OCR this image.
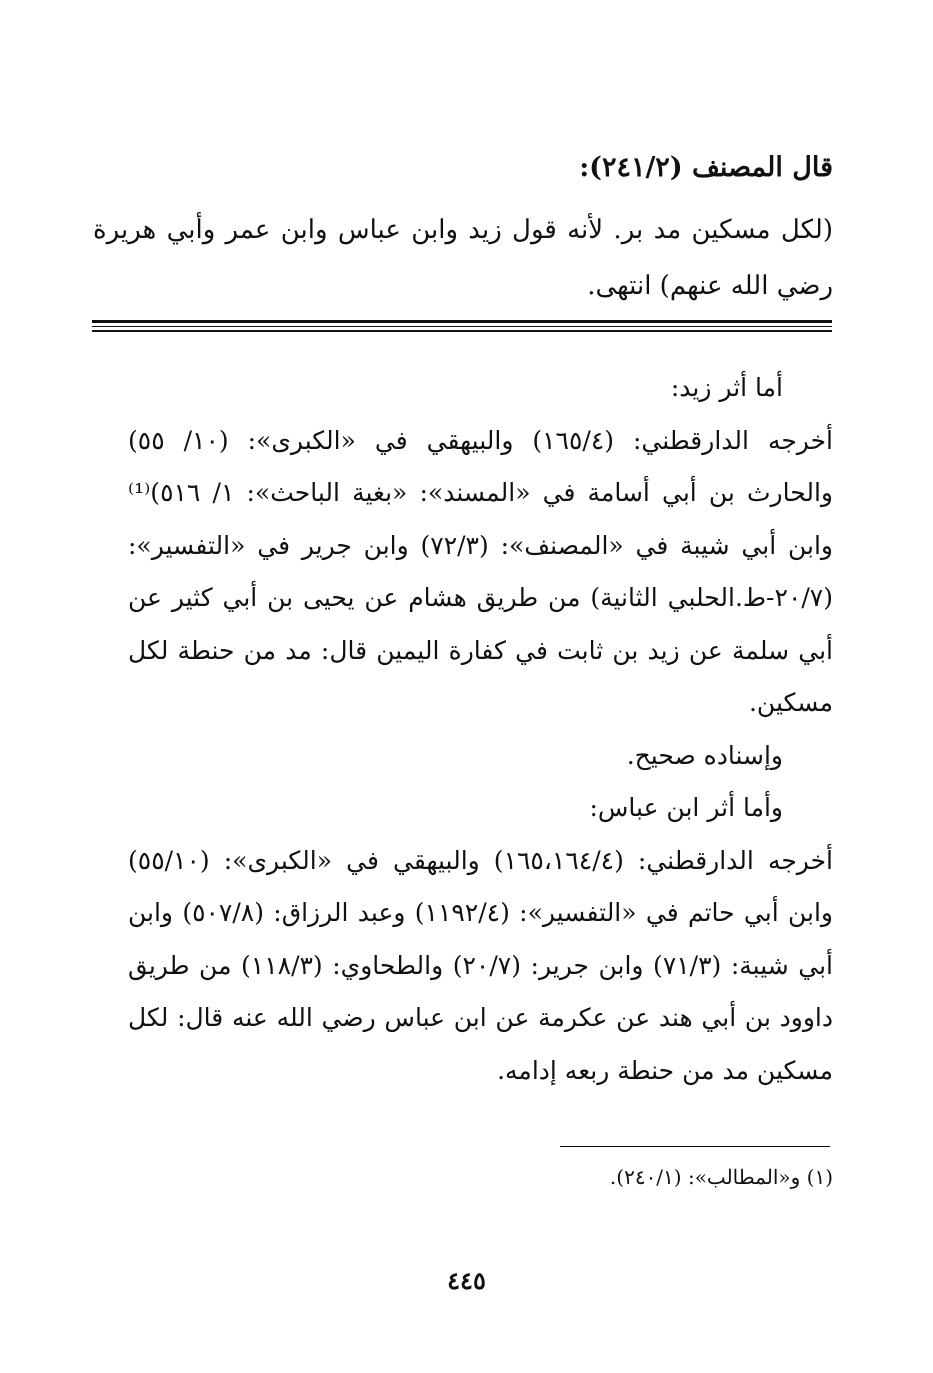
قال المصنف (٢٤١/٢):
(لكل مسكين مد بر. لأنه قول زيد وابن عباس وابن عمر وأبي هريرة رضي الله عنهم) انتهى.

أما أثر زيد:

أخرجه الدارقطني: (١٦٥/٤) والبيهقي في «الكبرى»: (١٠/ ٥٥) والحارث بن أبي أسامة في «المسند»: «بغية الباحث»: ١/ ٥١٦)⁽¹⁾ وابن أبي شيبة في «المصنف»: (٧٢/٣) وابن جرير في «التفسير»: (٢٠/٧-ط.الحلبي الثانية) من طريق هشام عن يحيى بن أبي كثير عن أبي سلمة عن زيد بن ثابت في كفارة اليمين قال: مد من حنطة لكل مسكين.

وإسناده صحيح.

وأما أثر ابن عباس:

أخرجه الدارقطني: (١٦٥،١٦٤/٤) والبيهقي في «الكبرى»: (٥٥/١٠) وابن أبي حاتم في «التفسير»: (١١٩٢/٤) وعبد الرزاق: (٥٠٧/٨) وابن أبي شيبة: (٧١/٣) وابن جرير: (٢٠/٧) والطحاوي: (١١٨/٣) من طريق داوود بن أبي هند عن عكرمة عن ابن عباس رضي الله عنه قال: لكل مسكين مد من حنطة ربعه إدامه.

(١) و«المطالب»: (٢٤٠/١).
٤٤٥
